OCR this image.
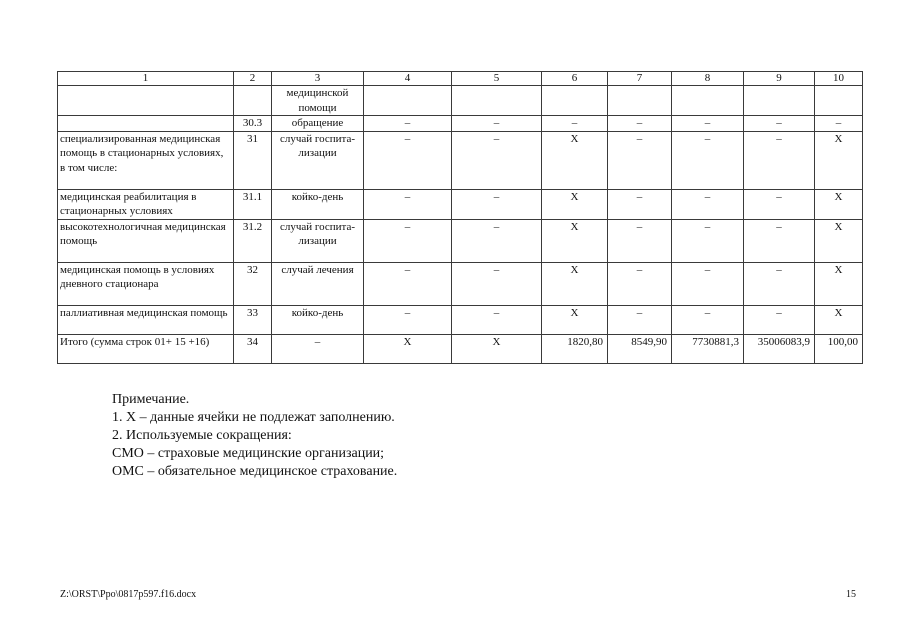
1	2	3	4	5	6	7	8	9	10
		медицинской помощи							
	30.3	обращение	–	–	–	–	–	–	–
специализированная медицинская помощь в стационарных условиях, в том числе:	31	случай госпита-лизации	–	–	Х	–	–	–	Х
медицинская реабилитация в стационарных условиях	31.1	койко-день	–	–	Х	–	–	–	Х
высокотехнологичная медицинская помощь	31.2	случай госпита-лизации	–	–	Х	–	–	–	Х
медицинская помощь в условиях дневного стационара	32	случай лечения	–	–	Х	–	–	–	Х
паллиативная медицинская помощь	33	койко-день	–	–	Х	–	–	–	Х
Итого (сумма строк 01+ 15 +16)	34	–	Х	Х	1820,80	8549,90	7730881,3	35006083,9	100,00
Примечание.
1. Х – данные ячейки не подлежат заполнению.
2. Используемые сокращения:
СМО – страховые медицинские организации;
ОМС – обязательное медицинское страхование.
Z:\ORST\Ppo\0817p597.f16.docx	15
